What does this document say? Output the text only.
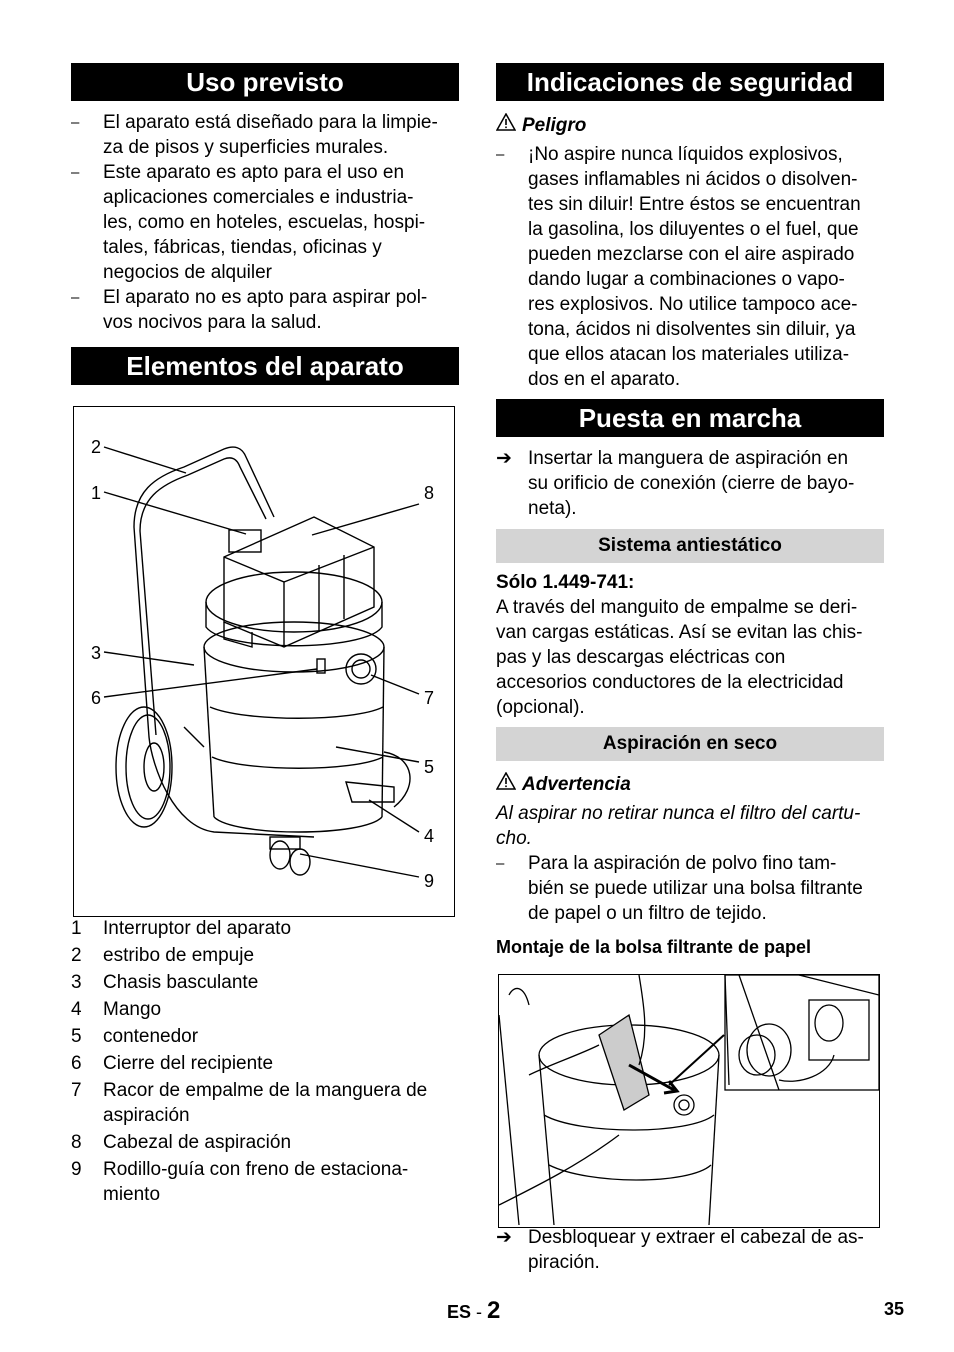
Uso previsto
– El aparato está diseñado para la limpie-
za de pisos y superficies murales.
– Este aparato es apto para el uso en
aplicaciones comerciales e industria-
les, como en hoteles, escuelas, hospi-
tales, fábricas, tiendas, oficinas y
negocios de alquiler
– El aparato no es apto para aspirar pol-
vos nocivos para la salud.
Elementos del aparato
2
1	8
3
6	7
5
4
9
1 Interruptor del aparato
2 estribo de empuje
3 Chasis basculante
4 Mango
5 contenedor
6 Cierre del recipiente
7 Racor de empalme de la manguera de
aspiración
8 Cabezal de aspiración
9 Rodillo-guía con freno de estaciona-
miento
Indicaciones de seguridad
Peligro
– ¡No aspire nunca líquidos explosivos,
gases inflamables ni ácidos o disolven-
tes sin diluir! Entre éstos se encuentran
la gasolina, los diluyentes o el fuel, que
pueden mezclarse con el aire aspirado
dando lugar a combinaciones o vapo-
res explosivos. No utilice tampoco ace-
tona, ácidos ni disolventes sin diluir, ya
que ellos atacan los materiales utiliza-
dos en el aparato.
Puesta en marcha
➔ Insertar la manguera de aspiración en
su orificio de conexión (cierre de bayo-
neta).
Sistema antiestático
Sólo 1.449-741:
A través del manguito de empalme se deri-
van cargas estáticas. Así se evitan las chis-
pas y las descargas eléctricas con
accesorios conductores de la electricidad
(opcional).
Aspiración en seco
Advertencia
Al aspirar no retirar nunca el filtro del cartu-
cho.
– Para la aspiración de polvo fino tam-
bién se puede utilizar una bolsa filtrante
de papel o un filtro de tejido.
Montaje de la bolsa filtrante de papel
➔ Desbloquear y extraer el cabezal de as-
piración.
ES - 2	35
